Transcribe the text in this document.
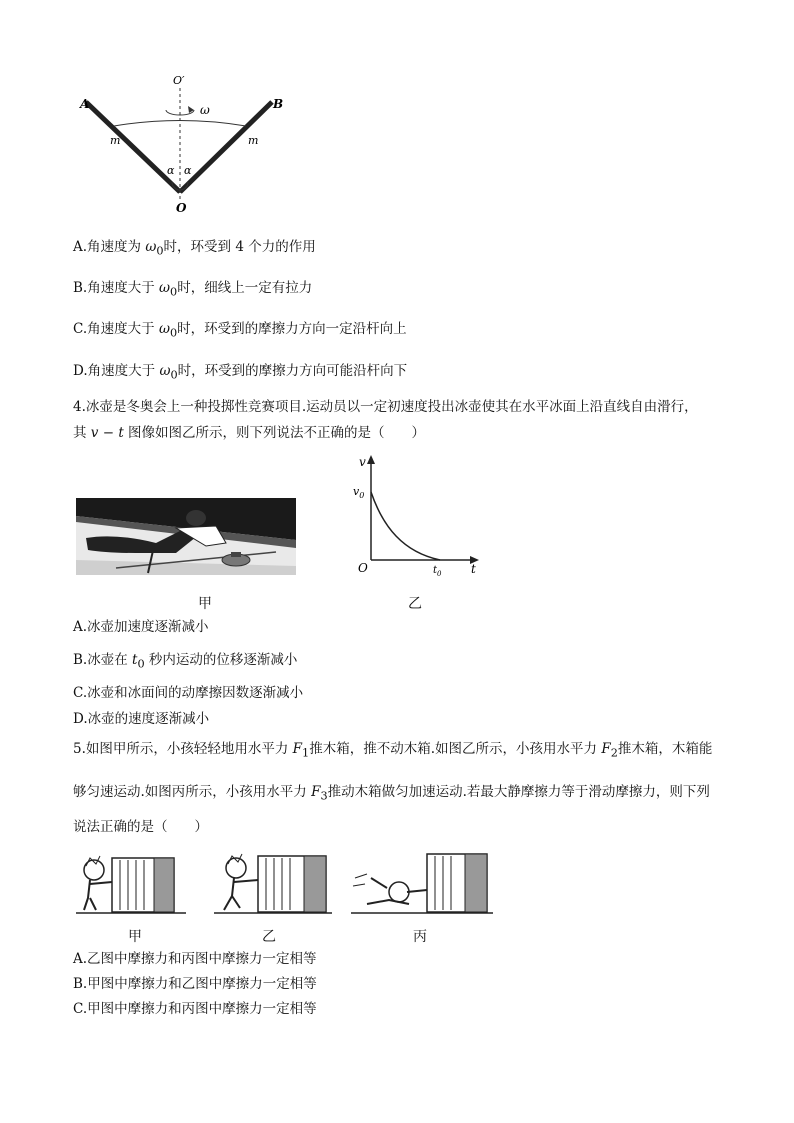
A	B
O′
ω
m	m
α α
O
A.角速度为 $\omega_0$时，环受到 4 个力的作用
B.角速度大于 $\omega_0$时，细线上一定有拉力
C.角速度大于 $\omega_0$时，环受到的摩擦力方向一定沿杆向上
D.角速度大于 $\omega_0$时，环受到的摩擦力方向可能沿杆向下
4.冰壶是冬奥会上一种投掷性竞赛项目.运动员以一定初速度投出冰壶使其在水平冰面上沿直线自由滑行，
其 v − t 图像如图乙所示，则下列说法不正确的是（　　）
v
t
O
$v_0$
$t_0$
甲	乙
A.冰壶加速度逐渐减小
B.冰壶在 $t_0$ 秒内运动的位移逐渐减小
C.冰壶和冰面间的动摩擦因数逐渐减小
D.冰壶的速度逐渐减小
5.如图甲所示，小孩轻轻地用水平力 $F_1$推木箱，推不动木箱.如图乙所示，小孩用水平力 $F_2$推木箱，木箱能
够匀速运动.如图丙所示，小孩用水平力 $F_3$推动木箱做匀加速运动.若最大静摩擦力等于滑动摩擦力，则下列
说法正确的是（　　）
甲	乙	丙
A.乙图中摩擦力和丙图中摩擦力一定相等
B.甲图中摩擦力和乙图中摩擦力一定相等
C.甲图中摩擦力和丙图中摩擦力一定相等
